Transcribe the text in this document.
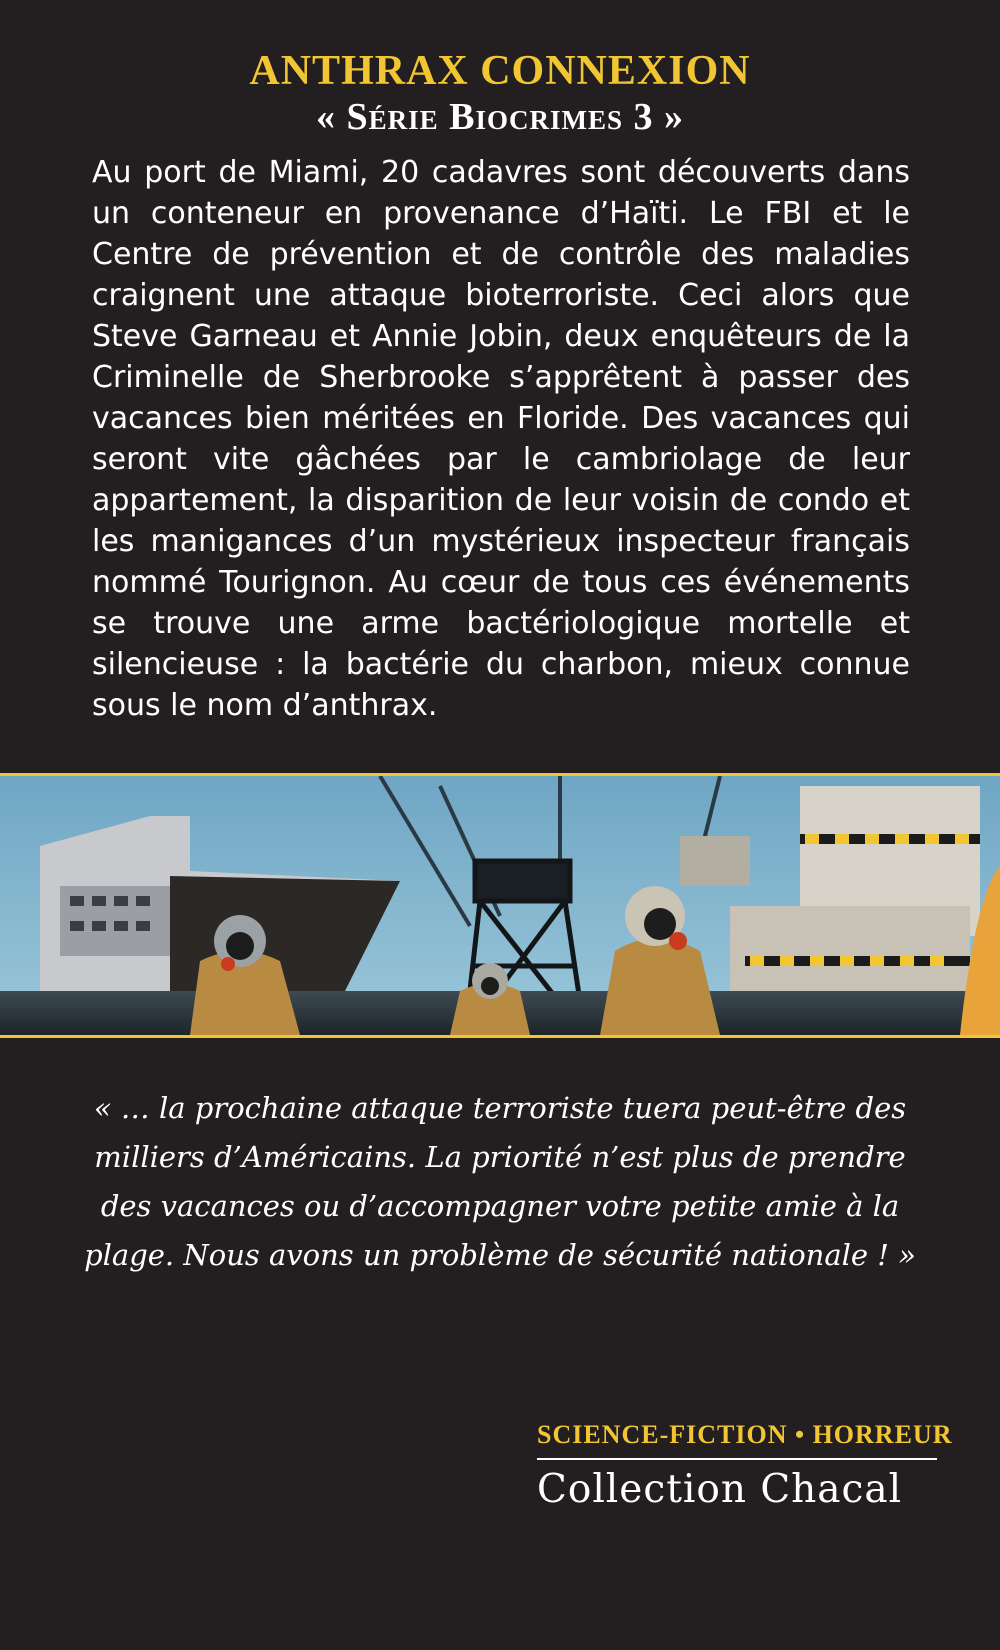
ANTHRAX CONNEXION
« Série Biocrimes 3 »

Au port de Miami, 20 cadavres sont découverts dans un conteneur en provenance d’Haïti. Le FBI et le Centre de prévention et de contrôle des maladies craignent une attaque bioterroriste. Ceci alors que Steve Garneau et Annie Jobin, deux enquêteurs de la Criminelle de Sherbrooke s’apprêtent à passer des vacances bien méritées en Floride. Des vacances qui seront vite gâchées par le cambriolage de leur appartement, la disparition de leur voisin de condo et les manigances d’un mystérieux inspecteur français nommé Tourignon. Au cœur de tous ces événements se trouve une arme bactériologique mortelle et silencieuse : la bactérie du charbon, mieux connue sous le nom d’anthrax.

« … la prochaine attaque terroriste tuera peut-être des milliers d’Américains. La priorité n’est plus de prendre des vacances ou d’accompagner votre petite amie à la plage. Nous avons un problème de sécurité nationale ! »

SCIENCE-FICTION • HORREUR
Collection Chacal
